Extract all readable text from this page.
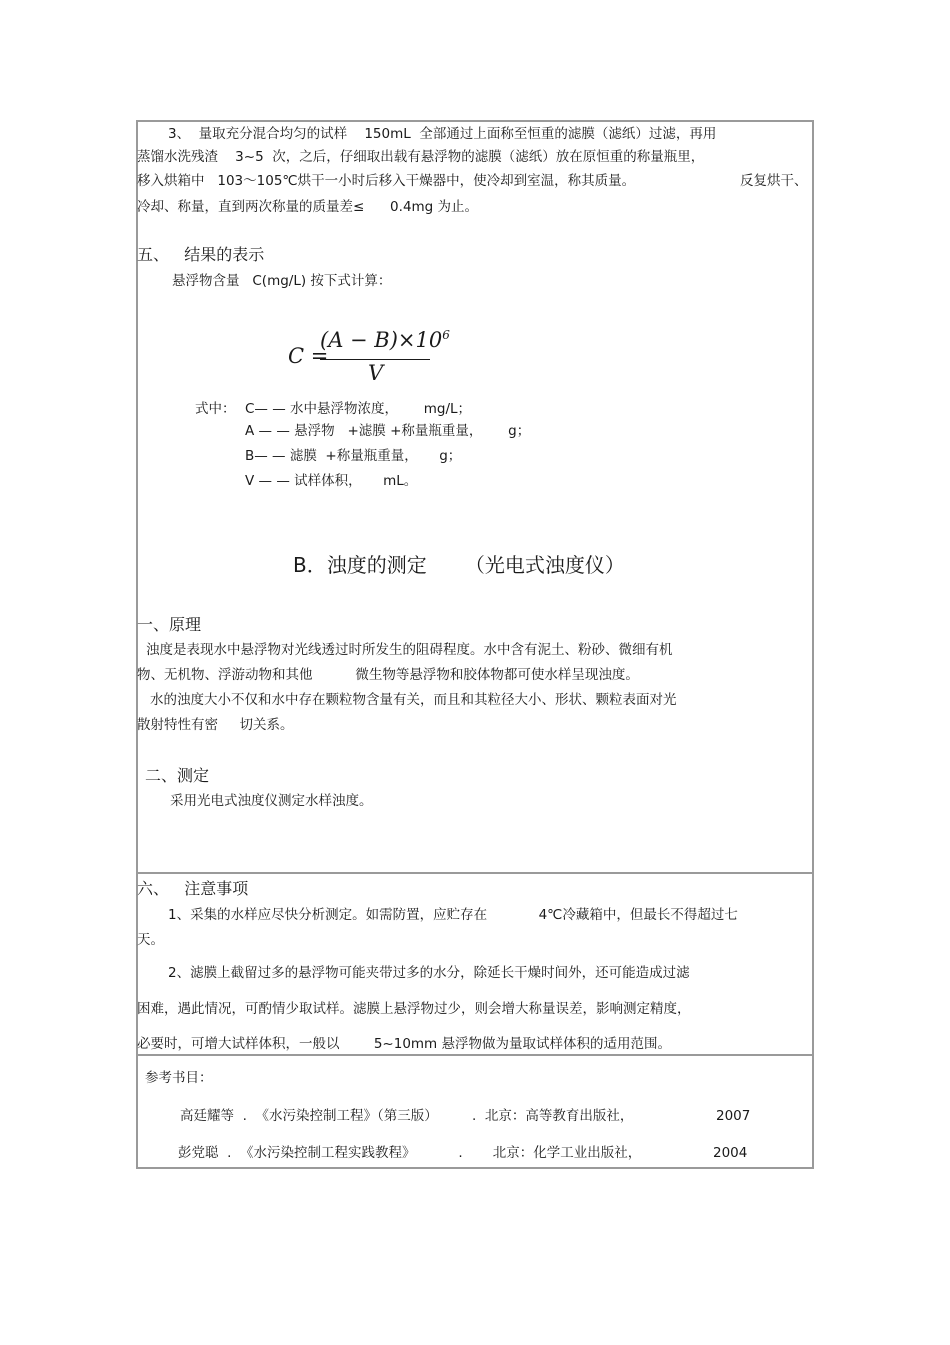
3、  量取充分混合均匀的试样    150mL  全部通过上面称至恒重的滤膜（滤纸）过滤，再用
蒸馏水洗残渣    3~5  次，之后，仔细取出载有悬浮物的滤膜（滤纸）放在原恒重的称量瓶里，
移入烘箱中   103～105℃烘干一小时后移入干燥器中，使冷却到室温，称其质量。	反复烘干、
冷却、称量，直到两次称量的质量差≤      0.4mg 为止。
五、   结果的表示
悬浮物含量   C(mg/L) 按下式计算：
C =
$(A - B)\times 10^6$
V
式中： C— — 水中悬浮物浓度，      mg/L；
A — — 悬浮物   +滤膜 +称量瓶重量，      g；
B— — 滤膜  +称量瓶重量，     g；
V — — 试样体积，     mL。
B．浊度的测定      （光电式浊度仪）
一、原理
浊度是表现水中悬浮物对光线透过时所发生的阻碍程度。水中含有泥土、粉砂、微细有机
物、无机物、浮游动物和其他          微生物等悬浮物和胶体物都可使水样呈现浊度。
水的浊度大小不仅和水中存在颗粒物含量有关，而且和其粒径大小、形状、颗粒表面对光
散射特性有密     切关系。
二、测定
采用光电式浊度仪测定水样浊度。
六、   注意事项
1、采集的水样应尽快分析测定。如需防置，应贮存在            4℃冷藏箱中，但最长不得超过七
天。
2、滤膜上截留过多的悬浮物可能夹带过多的水分，除延长干燥时间外，还可能造成过滤
困难，遇此情况，可酌情少取试样。滤膜上悬浮物过少，则会增大称量误差，影响测定精度，
必要时，可增大试样体积，一般以        5~10mm 悬浮物做为量取试样体积的适用范围。
参考书目：
高廷耀等  .  《水污染控制工程》（第三版）        .  北京：高等教育出版社，	2007
彭党聪  .  《水污染控制工程实践教程》          .       北京：化学工业出版社，	2004
